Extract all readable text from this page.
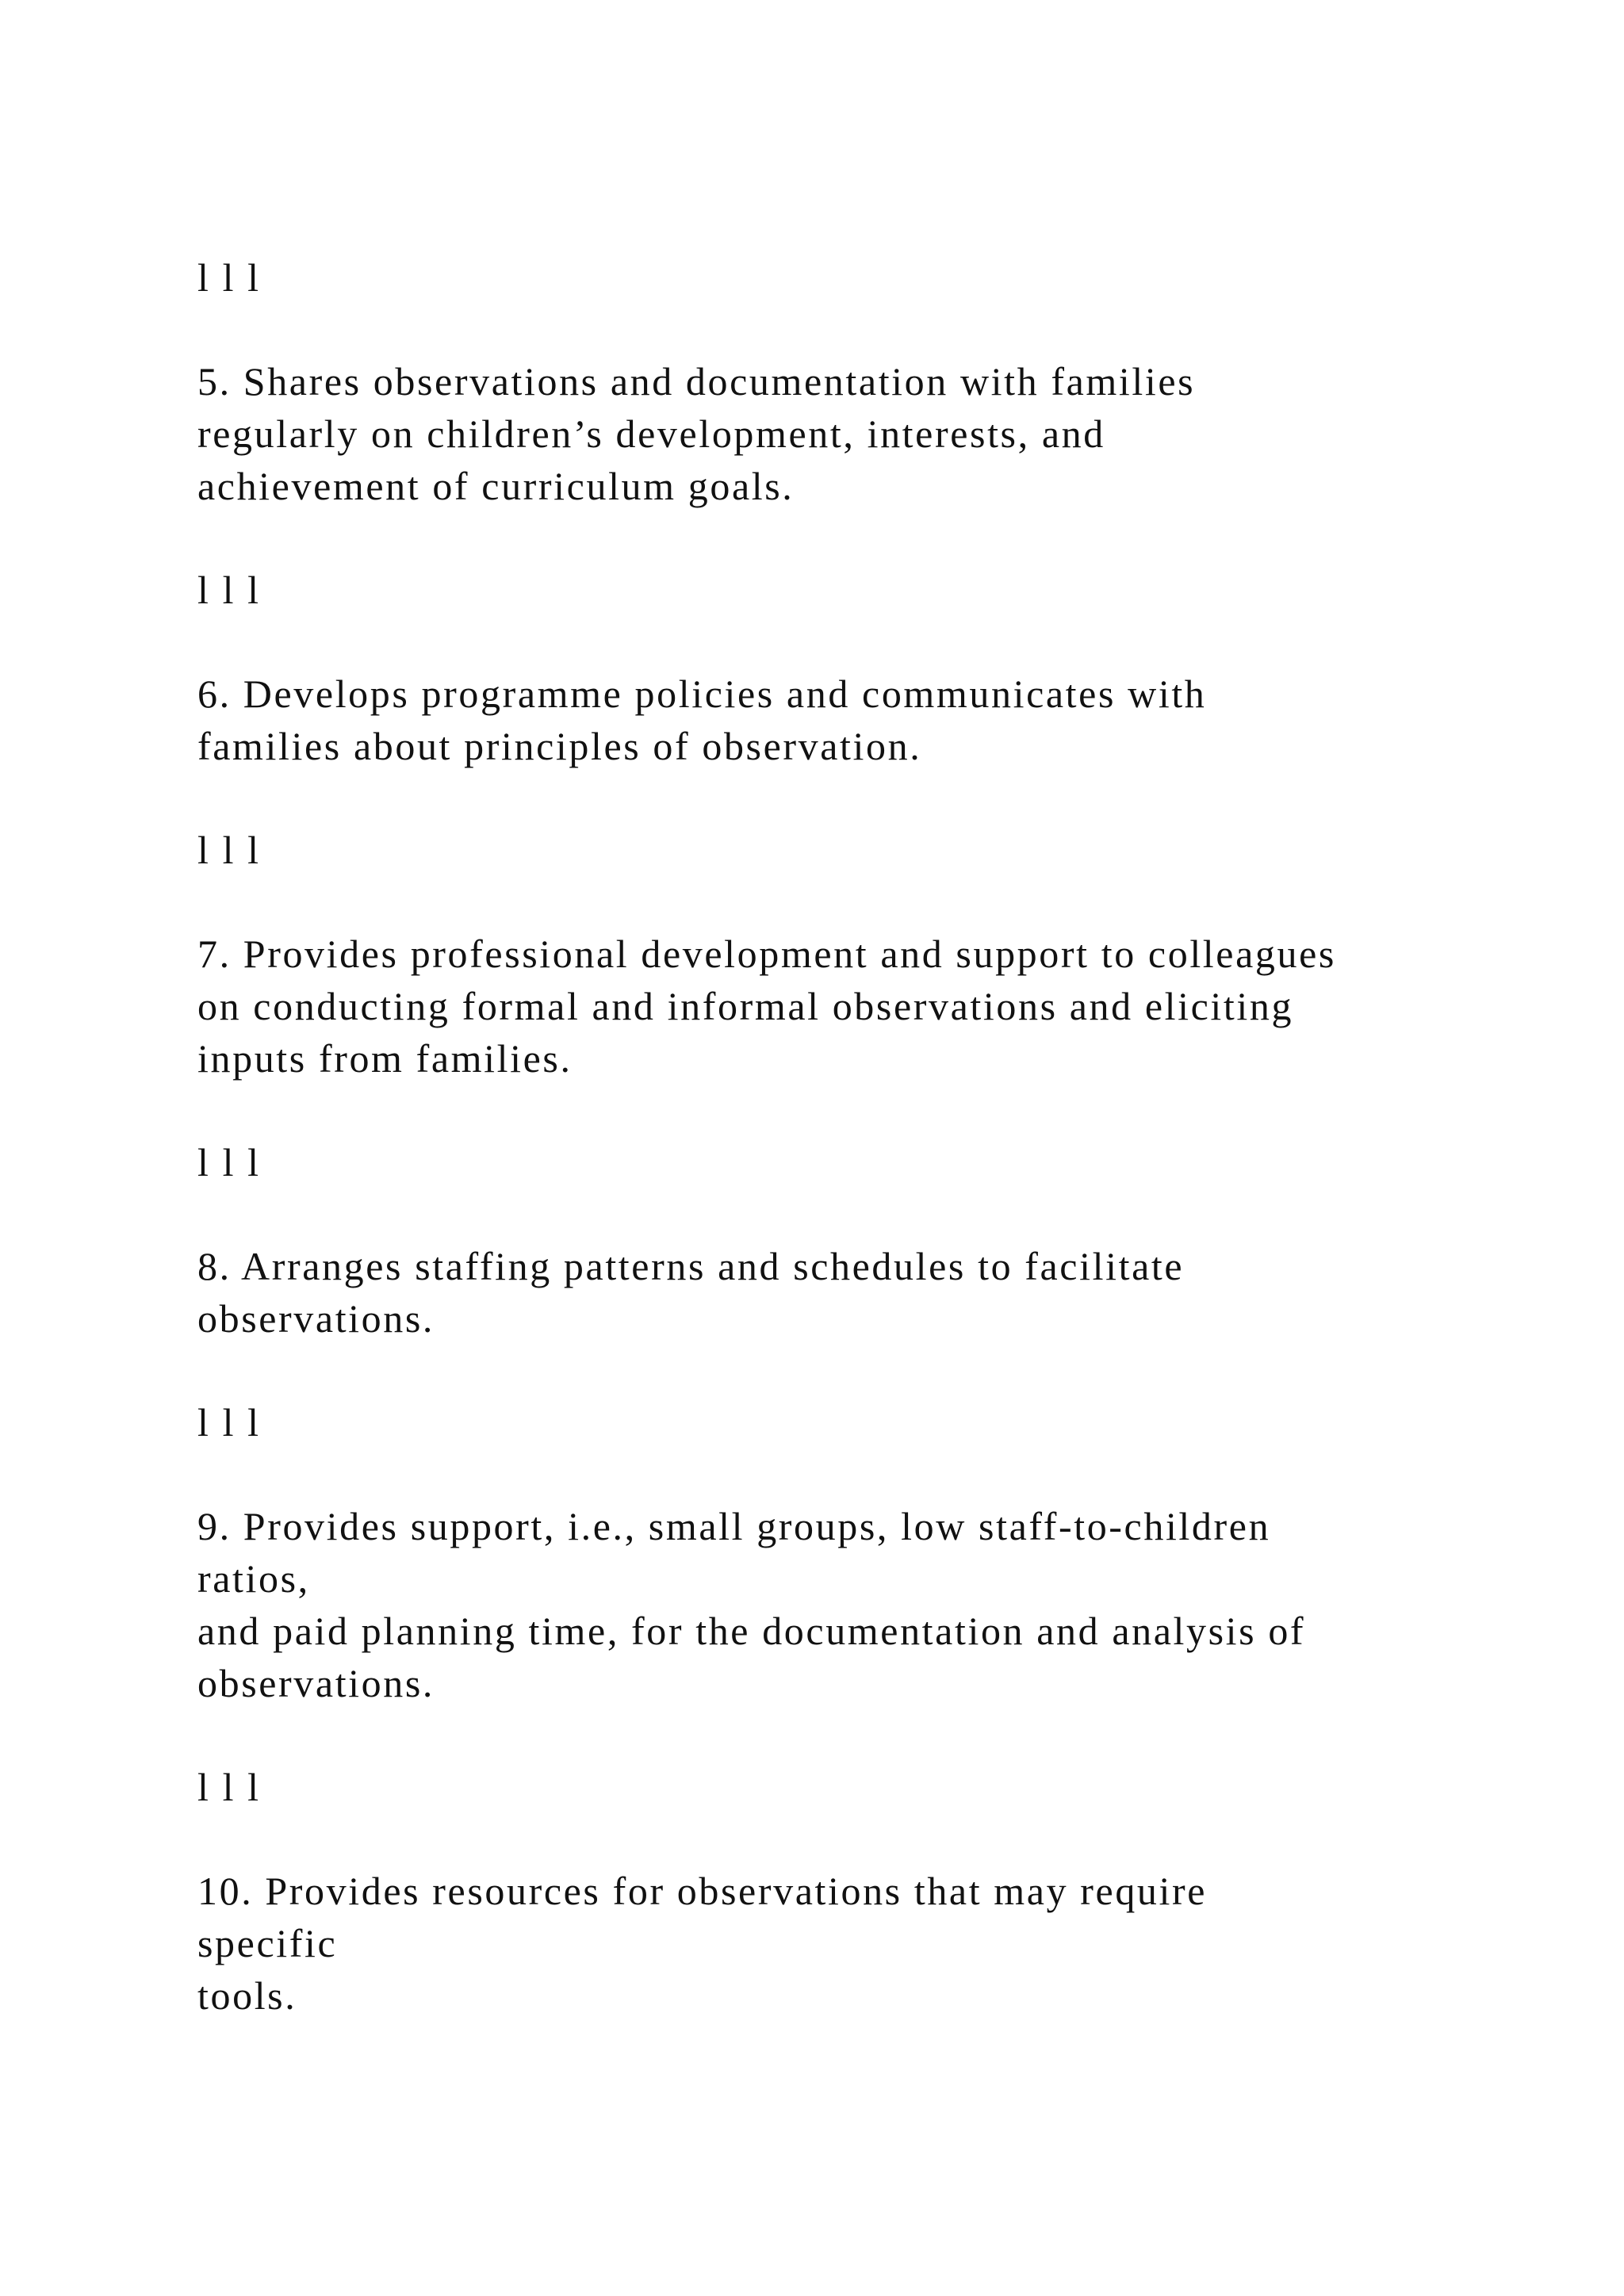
l l l

5. Shares observations and documentation with families

regularly on children’s development, interests, and

achievement of curriculum goals.

l l l

6. Develops programme policies and communicates with

families about principles of observation.

l l l

7. Provides professional development and support to colleagues

on conducting formal and informal observations and eliciting

inputs from families.

l l l

8. Arranges staffing patterns and schedules to facilitate

observations.

l l l

9. Provides support, i.e., small groups, low staff-to-children

ratios,

and paid planning time, for the documentation and analysis of

observations.

l l l

10. Provides resources for observations that may require

specific

tools.
